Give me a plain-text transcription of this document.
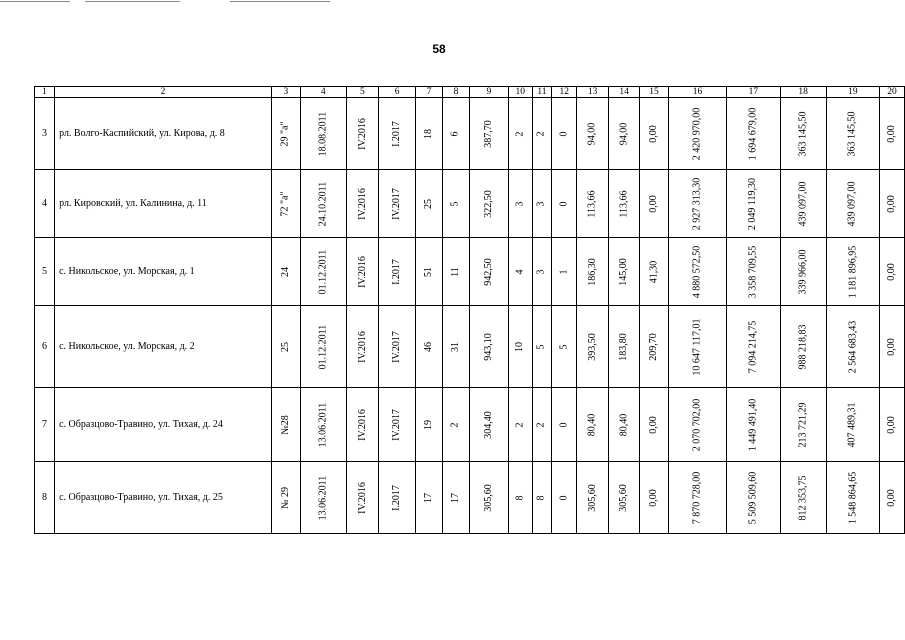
58
1	2	3	4	5	6	7	8	9	10	11	12	13	14	15	16	17	18	19	20
3	рл. Волго-Каспийский, ул. Кирова, д. 8	29 "а"	18.08.2011	IV.2016	I.2017	18	6	387,70	2	2	0	94,00	94,00	0,00	2 420 970,00	1 694 679,00	363 145,50	363 145,50	0,00
4	рл. Кировский, ул. Калинина, д. 11	72 "а"	24.10.2011	IV.2016	IV.2017	25	5	322,50	3	3	0	113,66	113,66	0,00	2 927 313,30	2 049 119,30	439 097,00	439 097,00	0,00
5	с. Никольское, ул. Морская, д. 1	24	01.12.2011	IV.2016	I.2017	51	11	942,50	4	3	1	186,30	145,00	41,30	4 880 572,50	3 358 709,55	339 966,00	1 181 896,95	0,00
6	с. Никольское, ул. Морская, д. 2	25	01.12.2011	IV.2016	IV.2017	46	31	943,10	10	5	5	393,50	183,80	209,70	10 647 117,01	7 094 214,75	988 218,83	2 564 683,43	0,00
7	с. Образцово-Травино, ул. Тихая, д. 24	№28	13.06.2011	IV.2016	IV.2017	19	2	304,40	2	2	0	80,40	80,40	0,00	2 070 702,00	1 449 491,40	213 721,29	407 489,31	0,00
8	с. Образцово-Травино, ул. Тихая, д. 25	№ 29	13.06.2011	IV.2016	I.2017	17	17	305,60	8	8	0	305,60	305,60	0,00	7 870 728,00	5 509 509,60	812 353,75	1 548 864,65	0,00
